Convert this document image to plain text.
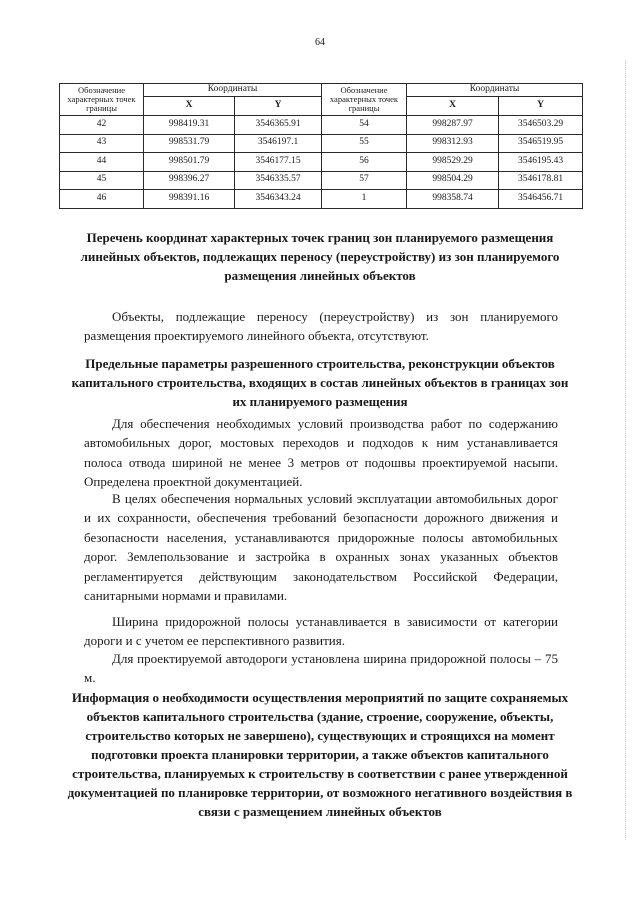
64
Обозначение характерных точек границы	Координаты		Обозначение характерных точек границы	Координаты	
	X	Y		X	Y
42	998419.31	3546365.91	54	998287.97	3546503.29
43	998531.79	3546197.1	55	998312.93	3546519.95
44	998501.79	3546177.15	56	998529.29	3546195.43
45	998396.27	3546335.57	57	998504.29	3546178.81
46	998391.16	3546343.24	1	998358.74	3546456.71
Перечень координат характерных точек границ зон планируемого размещения линейных объектов, подлежащих переносу (переустройству) из зон планируемого размещения линейных объектов

Объекты, подлежащие переносу (переустройству) из зон планируемого размещения проектируемого линейного объекта, отсутствуют.

Предельные параметры разрешенного строительства, реконструкции объектов капитального строительства, входящих в состав линейных объектов в границах зон их планируемого размещения

Для обеспечения необходимых условий производства работ по содержанию автомобильных дорог, мостовых переходов и подходов к ним устанавливается полоса отвода шириной не менее 3 метров от подошвы проектируемой насыпи. Определена проектной документацией.

В целях обеспечения нормальных условий эксплуатации автомобильных дорог и их сохранности, обеспечения требований безопасности дорожного движения и безопасности населения, устанавливаются придорожные полосы автомобильных дорог. Землепользование и застройка в охранных зонах указанных объектов регламентируется действующим законодательством Российской Федерации, санитарными нормами и правилами.

Ширина придорожной полосы устанавливается в зависимости от категории дороги и с учетом ее перспективного развития.

Для проектируемой автодороги установлена ширина придорожной полосы – 75 м.

Информация о необходимости осуществления мероприятий по защите сохраняемых объектов капитального строительства (здание, строение, сооружение, объекты, строительство которых не завершено), существующих и строящихся на момент подготовки проекта планировки территории, а также объектов капитального строительства, планируемых к строительству в соответствии с ранее утвержденной документацией по планировке территории, от возможного негативного воздействия в связи с размещением линейных объектов
